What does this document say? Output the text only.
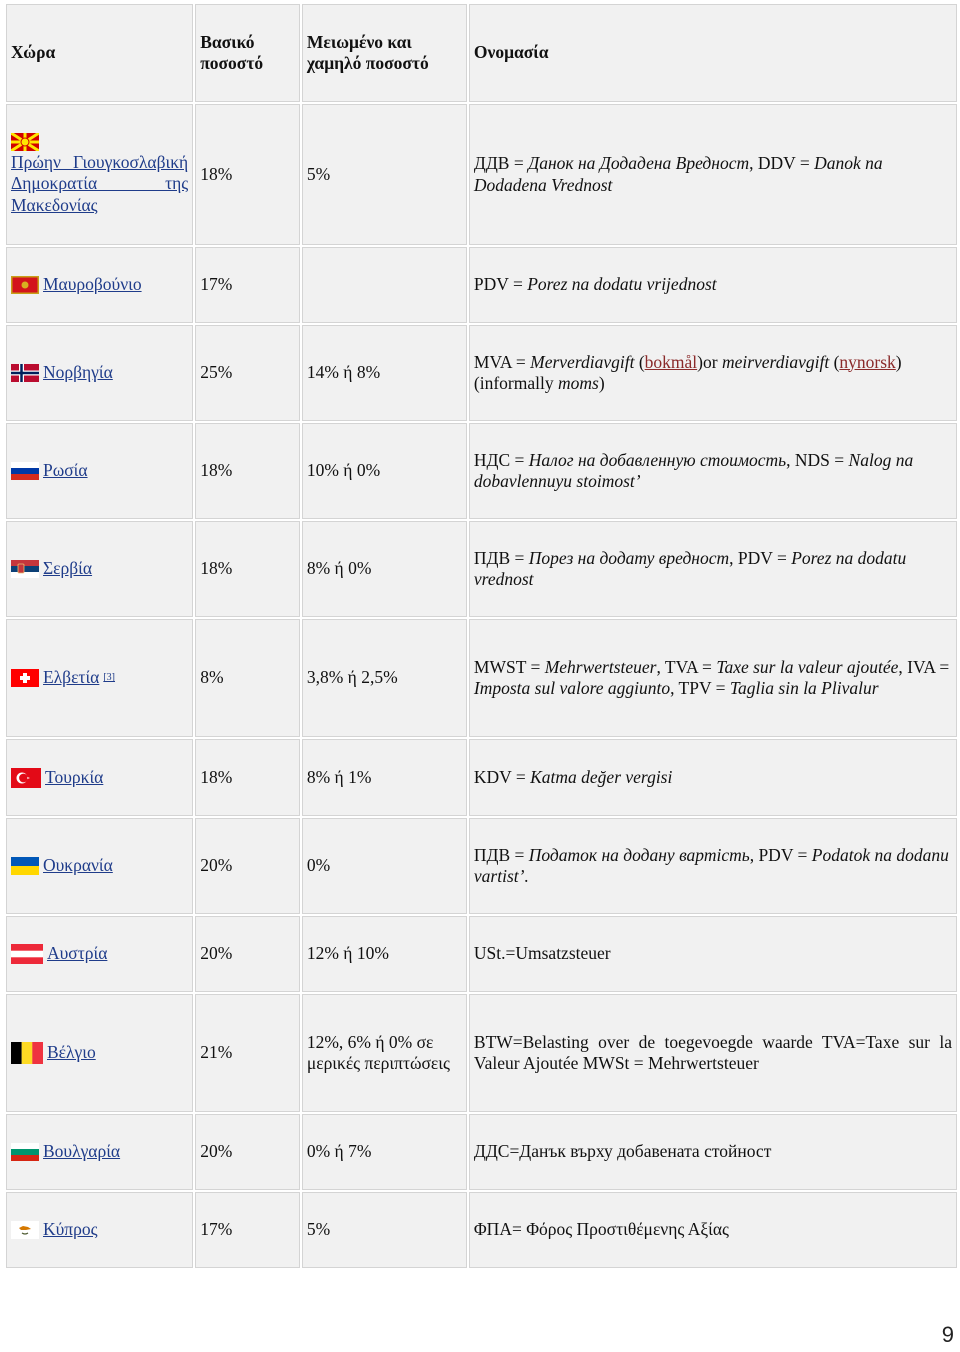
Χώρα	Βασικό ποσοστό	Μειωμένο και χαμηλό ποσοστό	Ονομασία

Πρώην Γιουγκοσλαβική Δημοκρατία της Μακεδονίας	18%	5%	ДДВ = Данок на Додадена Вредност, DDV = Danok na Dodadena Vrednost

Μαυροβούνιο	17%		PDV = Porez na dodatu vrijednost

Νορβηγία	25%	14% ή 8%	MVA = Merverdiavgift (bokmål)or meirverdiavgift (nynorsk) (informally moms)

Ρωσία	18%	10% ή 0%	НДС = Налог на добавленную стоимость, NDS = Nalog na dobavlennuyu stoimost’

Σερβία	18%	8% ή 0%	ПДВ = Порез на додату вредност, PDV = Porez na dodatu vrednost

Ελβετία [3]	8%	3,8% ή 2,5%	MWST = Mehrwertsteuer, TVA = Taxe sur la valeur ajoutée, IVA = Imposta sul valore aggiunto, TPV = Taglia sin la Plivalur

Τουρκία	18%	8% ή 1%	KDV = Katma değer vergisi

Ουκρανία	20%	0%	ПДВ = Податок на додану вартість, PDV = Podatok na dodanu vartist’.

Αυστρία	20%	12% ή 10%	USt.=Umsatzsteuer

Βέλγιο	21%	12%, 6% ή 0% σε μερικές περιπτώσεις	BTW=Belasting over de toegevoegde waarde TVA=Taxe sur la Valeur Ajoutée MWSt = Mehrwertsteuer

Βουλγαρία	20%	0% ή 7%	ДДС=Данък върху добавената стойност

Κύπρος	17%	5%	ΦΠΑ= Φόρος Προστιθέμενης Αξίας
9
